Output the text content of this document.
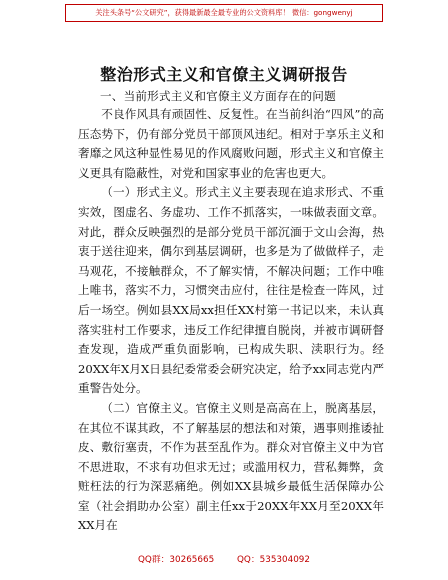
关注头条号“公文研究”，获得最新最全最专业的公文资料库！ 微信：gongwenyj
整治形式主义和官僚主义调研报告
一、当前形式主义和官僚主义方面存在的问题

不良作风具有顽固性、反复性。在当前纠治“四风”的高压态势下，仍有部分党员干部顶风违纪。相对于享乐主义和奢靡之风这种显性易见的作风腐败问题，形式主义和官僚主义更具有隐蔽性，对党和国家事业的危害也更大。

（一）形式主义。形式主义主要表现在追求形式、不重实效，图虚名、务虚功、工作不抓落实，一味做表面文章。对此，群众反映强烈的是部分党员干部沉湎于文山会海，热衷于送往迎来，偶尔到基层调研，也多是为了做做样子，走马观花，不接触群众，不了解实情，不解决问题；工作中唯上唯书，落实不力，习惯突击应付，往往是检查一阵风，过后一场空。例如县XX局xx担任XX村第一书记以来，未认真落实驻村工作要求，违反工作纪律擅自脱岗，并被市调研督查发现，造成严重负面影响，已构成失职、渎职行为。经20XX年X月X日县纪委常委会研究决定，给予xx同志党内严重警告处分。

（二）官僚主义。官僚主义则是高高在上，脱离基层，在其位不谋其政，不了解基层的想法和对策，遇事则推诿扯皮、敷衍塞责，不作为甚至乱作为。群众对官僚主义中为官不思进取，不求有功但求无过；或滥用权力，营私舞弊，贪赃枉法的行为深恶痛绝。例如XX县城乡最低生活保障办公室（社会捐助办公室）副主任xx于20XX年XX月至20XX年XX月在

QQ群：30265665	QQ：535304092
